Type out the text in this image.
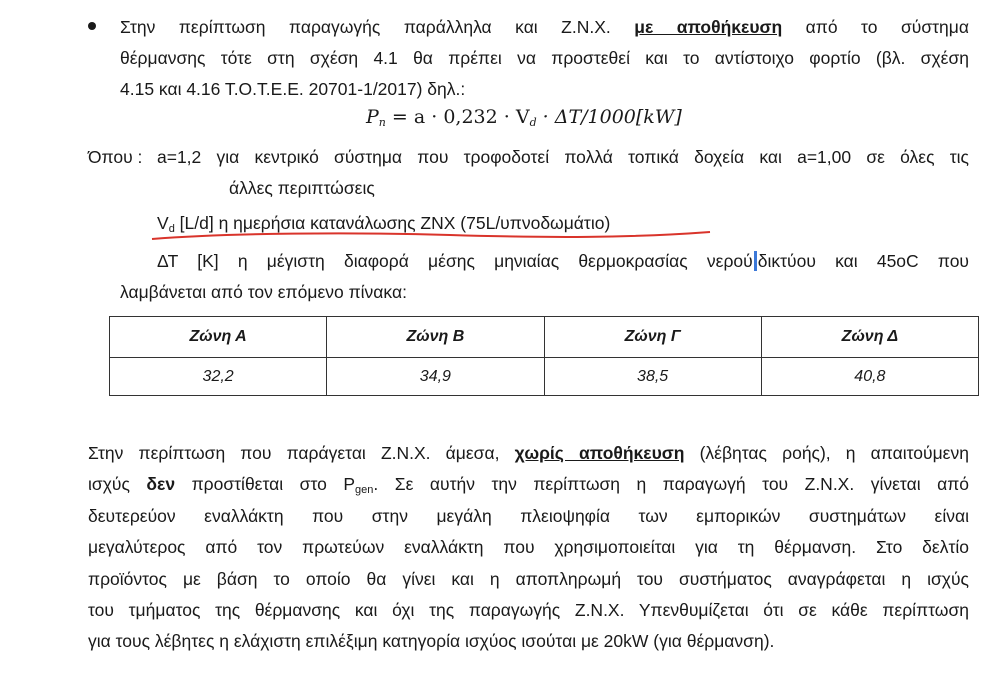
Στην περίπτωση παραγωγής παράλληλα και Ζ.Ν.Χ. με αποθήκευση από το σύστημα
θέρμανσης τότε στη σχέση 4.1 θα πρέπει να προστεθεί και το αντίστοιχο φορτίο (βλ. σχέση
4.15 και 4.16 Τ.Ο.Τ.Ε.Ε. 20701-1/2017) δηλ.:
$P_n = a \cdot 0,232 \cdot V_d \cdot \Delta T/1000[kW]$
Όπου : a=1,2 για κεντρικό σύστημα που τροφοδοτεί πολλά τοπικά δοχεία και a=1,00 σε όλες τις
άλλες περιπτώσεις
$V_d$ [L/d] η ημερήσια κατανάλωσης ZNX (75L/υπνοδωμάτιο)
ΔΤ [Κ] η μέγιστη διαφορά μέσης μηνιαίας θερμοκρασίας νερού δικτύου και 45oC που
λαμβάνεται από τον επόμενο πίνακα:
Ζώνη Α	Ζώνη Β	Ζώνη Γ	Ζώνη Δ
32,2	34,9	38,5	40,8
Στην περίπτωση που παράγεται Ζ.Ν.Χ. άμεσα, χωρίς αποθήκευση (λέβητας ροής), η απαιτούμενη
ισχύς δεν προστίθεται στο $P_{gen}$. Σε αυτήν την περίπτωση η παραγωγή του Ζ.Ν.Χ. γίνεται από
δευτερεύον εναλλάκτη που στην μεγάλη πλειοψηφία των εμπορικών συστημάτων είναι
μεγαλύτερος από τον πρωτεύων εναλλάκτη που χρησιμοποιείται για τη θέρμανση. Στο δελτίο
προϊόντος με βάση το οποίο θα γίνει και η αποπληρωμή του συστήματος αναγράφεται η ισχύς
του τμήματος της θέρμανσης και όχι της παραγωγής Ζ.Ν.Χ. Υπενθυμίζεται ότι σε κάθε περίπτωση
για τους λέβητες η ελάχιστη επιλέξιμη κατηγορία ισχύος ισούται με 20kW (για θέρμανση).
